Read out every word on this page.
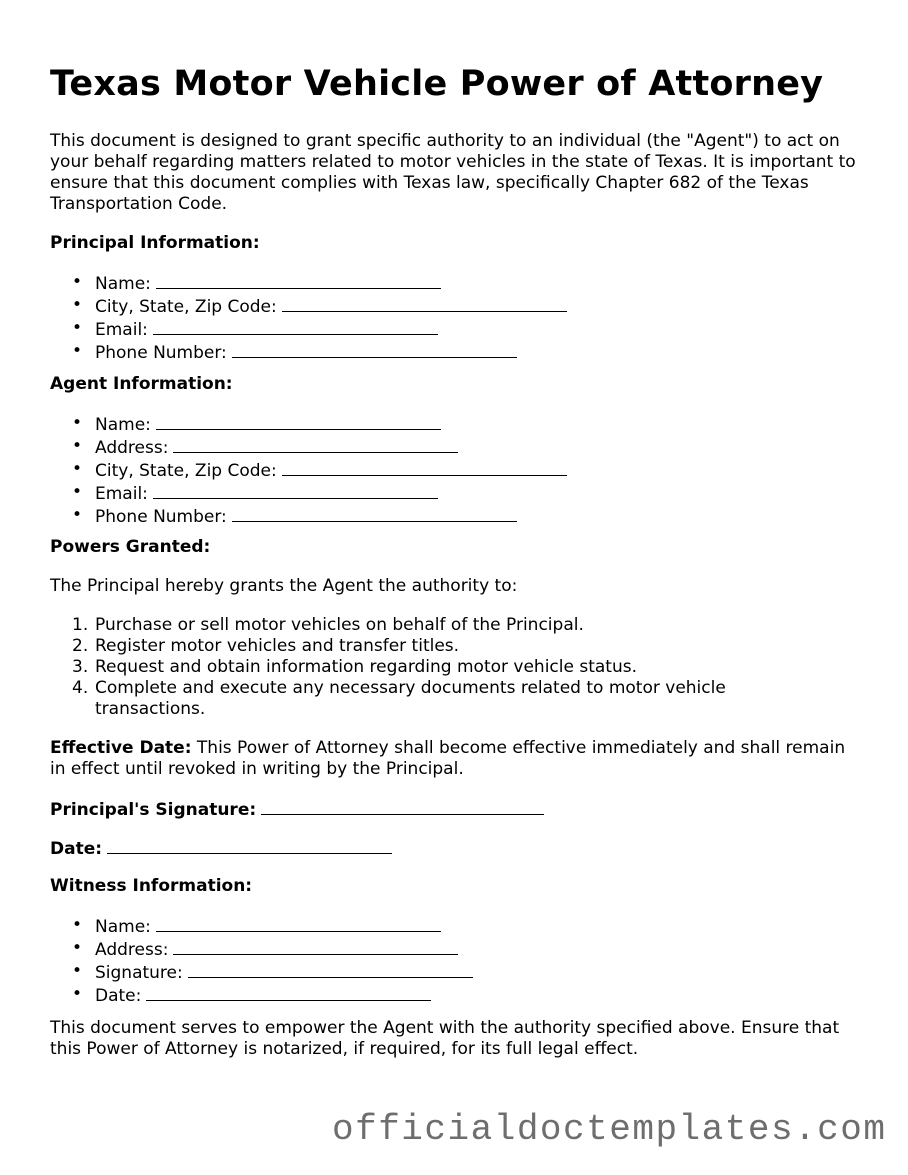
Texas Motor Vehicle Power of Attorney

This document is designed to grant specific authority to an individual (the "Agent") to act on your behalf regarding matters related to motor vehicles in the state of Texas. It is important to ensure that this document complies with Texas law, specifically Chapter 682 of the Texas Transportation Code.

Principal Information:
• Name:
• City, State, Zip Code:
• Email:
• Phone Number:
Agent Information:
• Name:
• Address:
• City, State, Zip Code:
• Email:
• Phone Number:
Powers Granted:

The Principal hereby grants the Agent the authority to:

1. Purchase or sell motor vehicles on behalf of the Principal.
2. Register motor vehicles and transfer titles.
3. Request and obtain information regarding motor vehicle status.
4. Complete and execute any necessary documents related to motor vehicle
transactions.

Effective Date: This Power of Attorney shall become effective immediately and shall remain in effect until revoked in writing by the Principal.

Principal's Signature:
Date:
Witness Information:
• Name:
• Address:
• Signature:
• Date:

This document serves to empower the Agent with the authority specified above. Ensure that this Power of Attorney is notarized, if required, for its full legal effect.

officialdoctemplates.com
